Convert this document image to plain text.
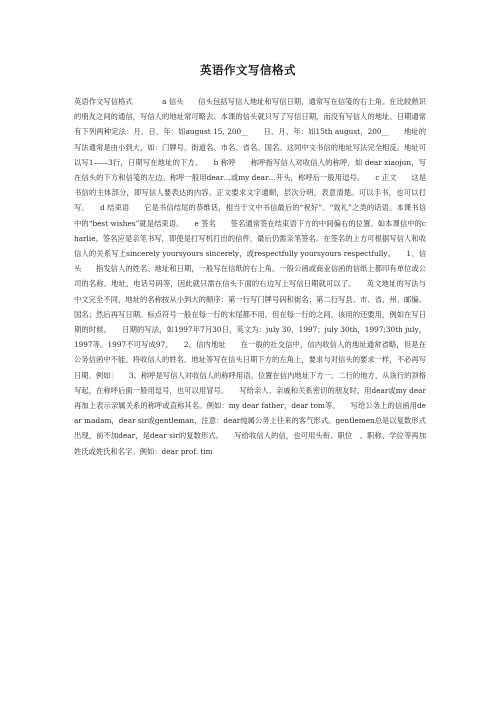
英语作文写信格式

英语作文写信格式　　　　a 信头　　信头包括写信人地址和写信日期，通常写在信笺的右上角。在比较熟识的朋友之间的通信，写信人的地址常可略去。本课的信头就只写了写信日期，而没有写信人的地址。日期通常有下列两种定法：月、日、年：如august 15, 200__　　日、月、年：如15th august，200__　　地址的写法通常是由小到大，如：门牌号、街道名、市名、省名、国名。这同中文书信的地址写法完全相反。地址可以写1——3行，日期写在地址的下方。　　b 称呼　　称呼指写信人对收信人的称呼，如 dear xiaojun，写在信头的下方和信笺的左边。称呼一般用dear…或my dear…开头，称呼后一般用逗号。　　c 正文　　这是书信的主体部分，即写信人要表达的内容。正文要求文字通顺，层次分明，表意清楚。可以手书，也可以打写。　　d 结束语　　它是书信结尾的恭维话，相当于文中书信最后的“祝好”、“致礼”之类的话语。本课书信中的“best wishes”就是结束语。　　e 签名　　签名通常签在结束语下方的中间偏右的位置。如本课信中的charlie。签名应是亲笔书写，即使是打写机打出的信件，最后仍需亲笔签名。在签名的上方可根据写信人和收信人的关系写上sincerely yoursyours sincerely，或respectfully yoursyours respectfully。　　1、信头　　指发信人的姓名、地址和日期，一般写在信纸的右上角。一般公函或商业信函的信纸上都印有单位或公司的名称、地址、电话号码等，因此就只需在信头下面的右边写上写信日期就可以了。　　英文地址的写法与中文完全不同，地址的名称按从小到大的顺序：第一行写门牌号码和街名；第二行写县、市、省、州、邮编、国名；然后再写日期。标点符号一般在每一行的末尾都不用，但在每一行的之间，该用的还要用，例如在写日期的时候。　　日期的写法，如1997年7月30日，英文为：july 30，1997；july 30th，1997;30th july，1997等。1997不可写成97。　　2、信内地址　　在一般的社交信中，信内收信人的地址通常省略，但是在公务信函中不能。将收信人的姓名、地址等写在信头日期下方的左角上，要求与对信头的要求一样，不必再写日期。例如：　　3、称呼是写信人对收信人的称呼用语。位置在信内地址下方一、二行的地方，从该行的顶格写起，在称呼后面一般用逗号，也可以用冒号。　　写给亲人、亲戚和关系密切的朋友时，用dear或my dear再加上表示亲属关系的称呼或直称其名。例如：my dear father，dear tom等。　　写给公务上的信函用dear madam，dear sir或gentleman，注意：dear纯属公务上往来的客气形式。gentlemen总是以复数形式出现，前不加dear，是dear sir的复数形式。　　写给收信人的信，也可用头衔、职位　、职称、学位等再加姓氏或姓氏和名字。例如：dear prof. tim
